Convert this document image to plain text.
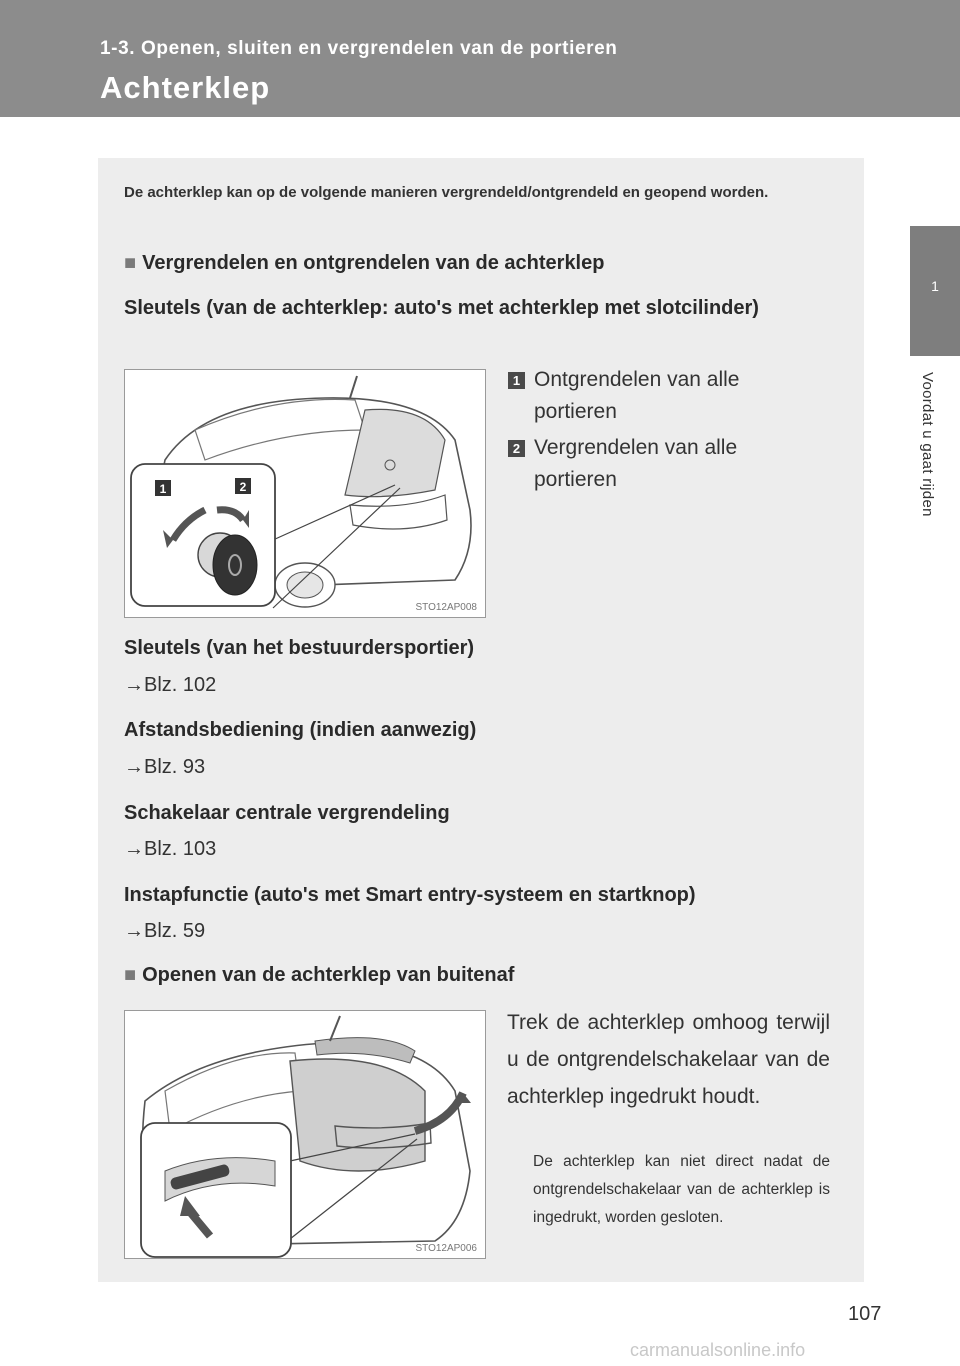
1-3. Openen, sluiten en vergrendelen van de portieren
Achterklep
1
Voordat u gaat rijden
De achterklep kan op de volgende manieren vergrendeld/ontgrendeld en geopend worden.
■ Vergrendelen en ontgrendelen van de achterklep
Sleutels (van de achterklep: auto's met achterklep met slotcilinder)
1	2
STO12AP008
1 Ontgrendelen van alle portieren
2 Vergrendelen van alle portieren
Sleutels (van het bestuurdersportier)
→Blz. 102
Afstandsbediening (indien aanwezig)
→Blz. 93
Schakelaar centrale vergrendeling
→Blz. 103
Instapfunctie (auto's met Smart entry-systeem en startknop)
→Blz. 59
■ Openen van de achterklep van buitenaf
STO12AP006
Trek de achterklep omhoog terwijl u de ontgrendelschakelaar van de achterklep ingedrukt houdt.
De achterklep kan niet direct nadat de ontgrendelschakelaar van de achterklep is ingedrukt, worden gesloten.
107
carmanualsonline.info
